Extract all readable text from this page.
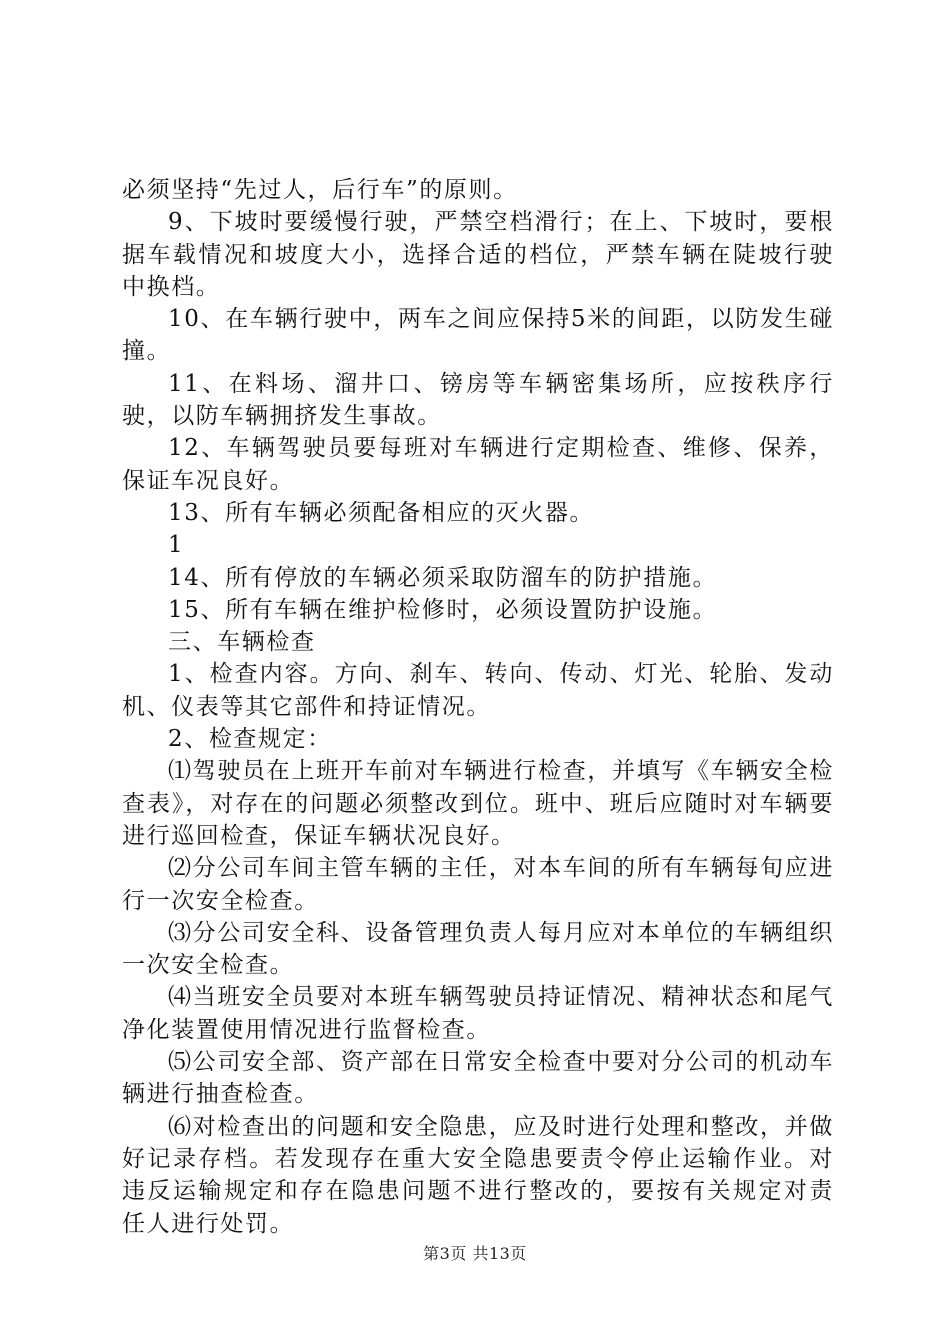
必须坚持“先过人，后行车”的原则。

9、下坡时要缓慢行驶，严禁空档滑行；在上、下坡时，要根据车载情况和坡度大小，选择合适的档位，严禁车辆在陡坡行驶中换档。

10、在车辆行驶中，两车之间应保持5米的间距，以防发生碰撞。

11、在料场、溜井口、镑房等车辆密集场所，应按秩序行驶，以防车辆拥挤发生事故。

12、车辆驾驶员要每班对车辆进行定期检查、维修、保养，保证车况良好。

13、所有车辆必须配备相应的灭火器。

1

14、所有停放的车辆必须采取防溜车的防护措施。

15、所有车辆在维护检修时，必须设置防护设施。

三、车辆检查

1、检查内容。方向、刹车、转向、传动、灯光、轮胎、发动机、仪表等其它部件和持证情况。

2、检查规定：

⑴驾驶员在上班开车前对车辆进行检查，并填写《车辆安全检查表》，对存在的问题必须整改到位。班中、班后应随时对车辆要进行巡回检查，保证车辆状况良好。

⑵分公司车间主管车辆的主任，对本车间的所有车辆每旬应进行一次安全检查。

⑶分公司安全科、设备管理负责人每月应对本单位的车辆组织一次安全检查。

⑷当班安全员要对本班车辆驾驶员持证情况、精神状态和尾气净化装置使用情况进行监督检查。

⑸公司安全部、资产部在日常安全检查中要对分公司的机动车辆进行抽查检查。

⑹对检查出的问题和安全隐患，应及时进行处理和整改，并做好记录存档。若发现存在重大安全隐患要责令停止运输作业。对违反运输规定和存在隐患问题不进行整改的，要按有关规定对责任人进行处罚。

第3页 共13页
